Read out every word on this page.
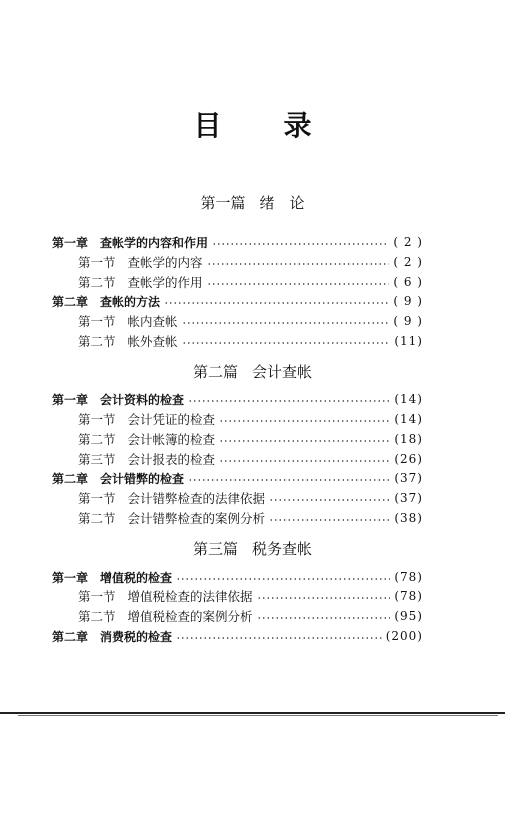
目 录
第一篇 绪　论
第一章 查帐学的内容和作用	( 2 )
第一节 查帐学的内容	( 2 )
第二节 查帐学的作用	( 6 )
第二章 查帐的方法	( 9 )
第一节 帐内查帐	( 9 )
第二节 帐外查帐	(11)
第二篇 会计查帐
第一章 会计资料的检查	(14)
第一节 会计凭证的检查	(14)
第二节 会计帐簿的检查	(18)
第三节 会计报表的检查	(26)
第二章 会计错弊的检查	(37)
第一节 会计错弊检查的法律依据	(37)
第二节 会计错弊检查的案例分析	(38)
第三篇 税务查帐
第一章 增值税的检查	(78)
第一节 增值税检查的法律依据	(78)
第二节 增值税检查的案例分析	(95)
第二章 消费税的检查	(200)
